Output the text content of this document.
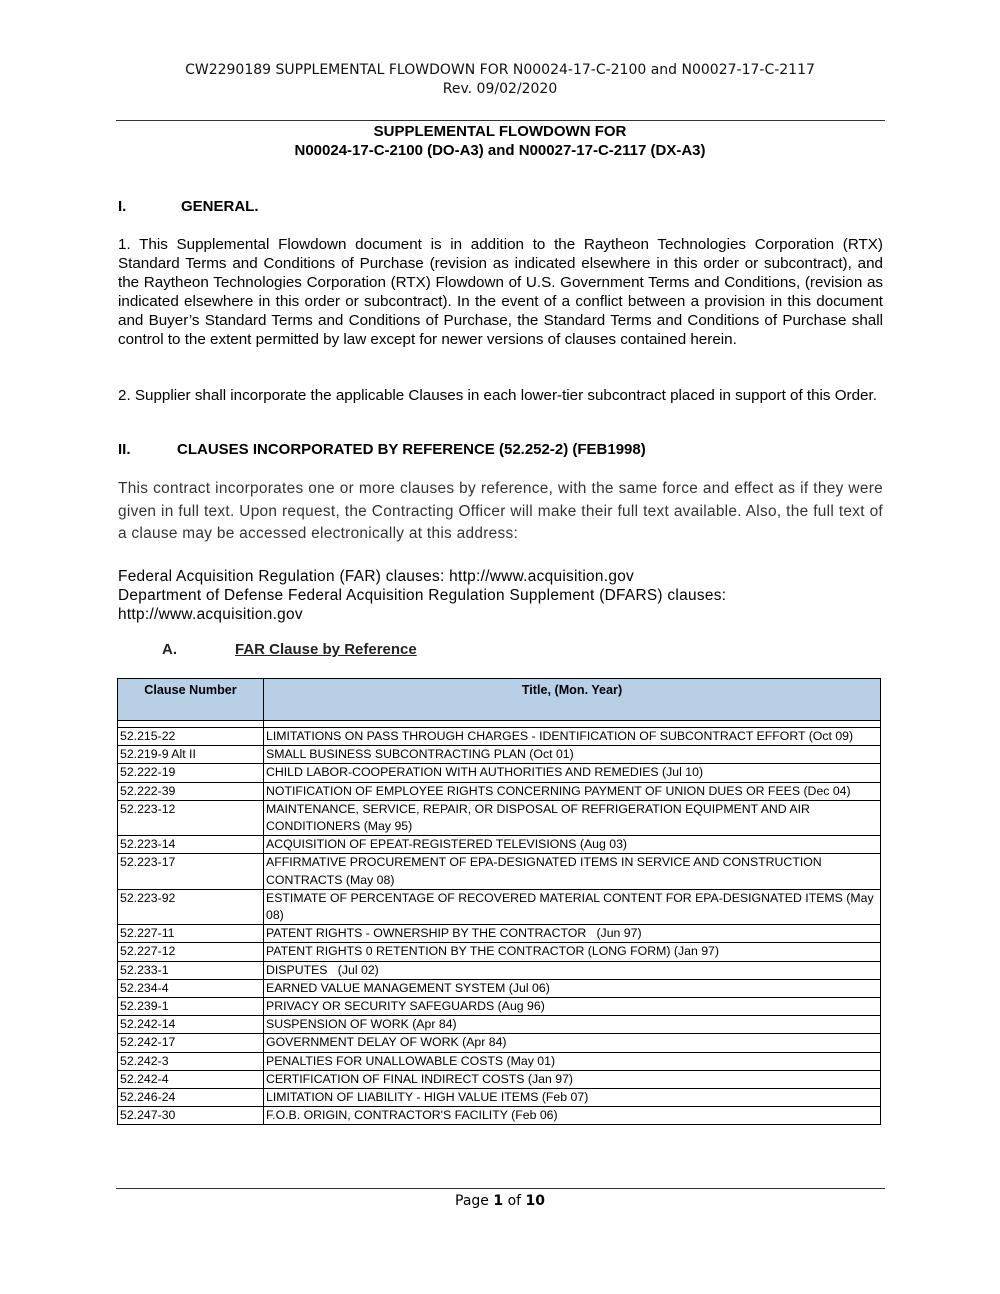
CW2290189 SUPPLEMENTAL FLOWDOWN FOR N00024-17-C-2100 and N00027-17-C-2117
Rev. 09/02/2020
SUPPLEMENTAL FLOWDOWN FOR
N00024-17-C-2100 (DO-A3) and N00027-17-C-2117 (DX-A3)
I.	GENERAL.
1. This Supplemental Flowdown document is in addition to the Raytheon Technologies Corporation (RTX) Standard Terms and Conditions of Purchase (revision as indicated elsewhere in this order or subcontract), and the Raytheon Technologies Corporation (RTX) Flowdown of U.S. Government Terms and Conditions, (revision as indicated elsewhere in this order or subcontract). In the event of a conflict between a provision in this document and Buyer’s Standard Terms and Conditions of Purchase, the Standard Terms and Conditions of Purchase shall control to the extent permitted by law except for newer versions of clauses contained herein.
2. Supplier shall incorporate the applicable Clauses in each lower-tier subcontract placed in support of this Order.
II.	CLAUSES INCORPORATED BY REFERENCE (52.252-2) (FEB1998)
This contract incorporates one or more clauses by reference, with the same force and effect as if they were given in full text. Upon request, the Contracting Officer will make their full text available. Also, the full text of a clause may be accessed electronically at this address:
Federal Acquisition Regulation (FAR) clauses: http://www.acquisition.gov
Department of Defense Federal Acquisition Regulation Supplement (DFARS) clauses:
http://www.acquisition.gov
A.	FAR Clause by Reference
Clause Number	Title, (Mon. Year)

52.215-22	LIMITATIONS ON PASS THROUGH CHARGES - IDENTIFICATION OF SUBCONTRACT EFFORT (Oct 09)
52.219-9 Alt II	SMALL BUSINESS SUBCONTRACTING PLAN (Oct 01)
52.222-19	CHILD LABOR-COOPERATION WITH AUTHORITIES AND REMEDIES (Jul 10)
52.222-39	NOTIFICATION OF EMPLOYEE RIGHTS CONCERNING PAYMENT OF UNION DUES OR FEES (Dec 04)
52.223-12	MAINTENANCE, SERVICE, REPAIR, OR DISPOSAL OF REFRIGERATION EQUIPMENT AND AIR CONDITIONERS (May 95)
52.223-14	ACQUISITION OF EPEAT-REGISTERED TELEVISIONS (Aug 03)
52.223-17	AFFIRMATIVE PROCUREMENT OF EPA-DESIGNATED ITEMS IN SERVICE AND CONSTRUCTION CONTRACTS (May 08)
52.223-92	ESTIMATE OF PERCENTAGE OF RECOVERED MATERIAL CONTENT FOR EPA-DESIGNATED ITEMS (May 08)
52.227-11	PATENT RIGHTS - OWNERSHIP BY THE CONTRACTOR   (Jun 97)
52.227-12	PATENT RIGHTS 0 RETENTION BY THE CONTRACTOR (LONG FORM) (Jan 97)
52.233-1	DISPUTES   (Jul 02)
52.234-4	EARNED VALUE MANAGEMENT SYSTEM (Jul 06)
52.239-1	PRIVACY OR SECURITY SAFEGUARDS (Aug 96)
52.242-14	SUSPENSION OF WORK (Apr 84)
52.242-17	GOVERNMENT DELAY OF WORK (Apr 84)
52.242-3	PENALTIES FOR UNALLOWABLE COSTS (May 01)
52.242-4	CERTIFICATION OF FINAL INDIRECT COSTS (Jan 97)
52.246-24	LIMITATION OF LIABILITY - HIGH VALUE ITEMS (Feb 07)
52.247-30	F.O.B. ORIGIN, CONTRACTOR'S FACILITY (Feb 06)
Page 1 of 10
